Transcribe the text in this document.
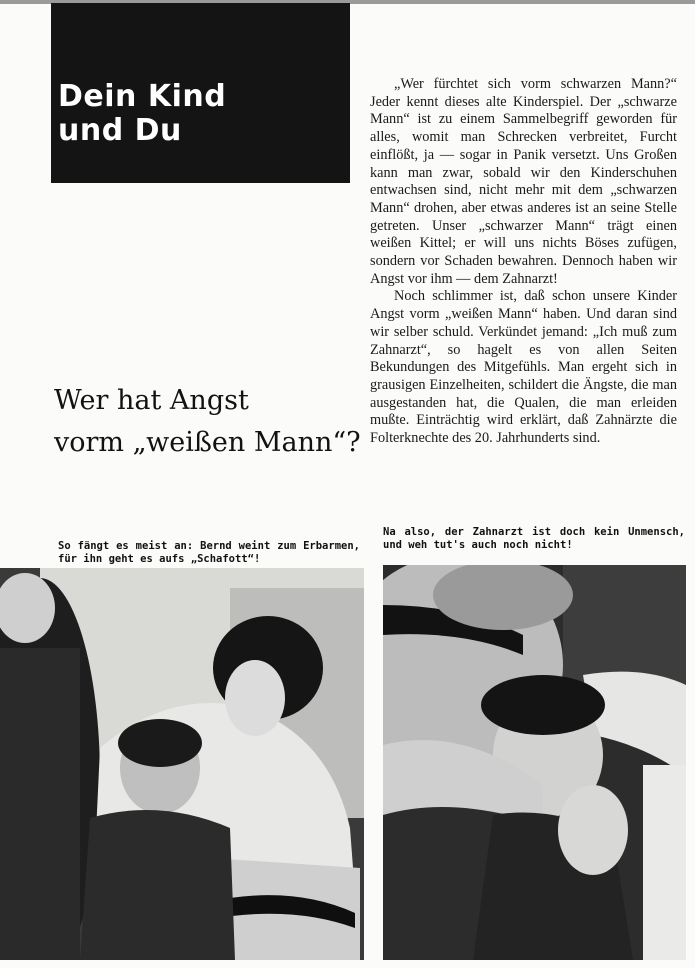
Dein Kind
und Du
Wer hat Angst
vorm „weißen Mann“?

„Wer fürchtet sich vorm schwarzen Mann?“ Jeder kennt dieses alte Kinderspiel. Der „schwarze Mann“ ist zu einem Sammelbegriff geworden für alles, womit man Schrecken verbreitet, Furcht einflößt, ja — sogar in Panik versetzt. Uns Großen kann man zwar, sobald wir den Kinderschuhen entwachsen sind, nicht mehr mit dem „schwarzen Mann“ drohen, aber etwas anderes ist an seine Stelle getreten. Unser „schwarzer Mann“ trägt einen weißen Kittel; er will uns nichts Böses zufügen, sondern vor Schaden bewahren. Dennoch haben wir Angst vor ihm — dem Zahnarzt!

Noch schlimmer ist, daß schon unsere Kinder Angst vorm „weißen Mann“ haben. Und daran sind wir selber schuld. Verkündet jemand: „Ich muß zum Zahnarzt“, so hagelt es von allen Seiten Bekundungen des Mitgefühls. Man ergeht sich in grausigen Einzelheiten, schildert die Ängste, die man ausgestanden hat, die Qualen, die man erleiden mußte. Einträchtig wird erklärt, daß Zahnärzte die Folterknechte des 20. Jahrhunderts sind.

So fängt es meist an: Bernd weint zum Erbarmen, für ihn geht es aufs „Schafott“!
Na also, der Zahnarzt ist doch kein Unmensch, und weh tut's auch noch nicht!
